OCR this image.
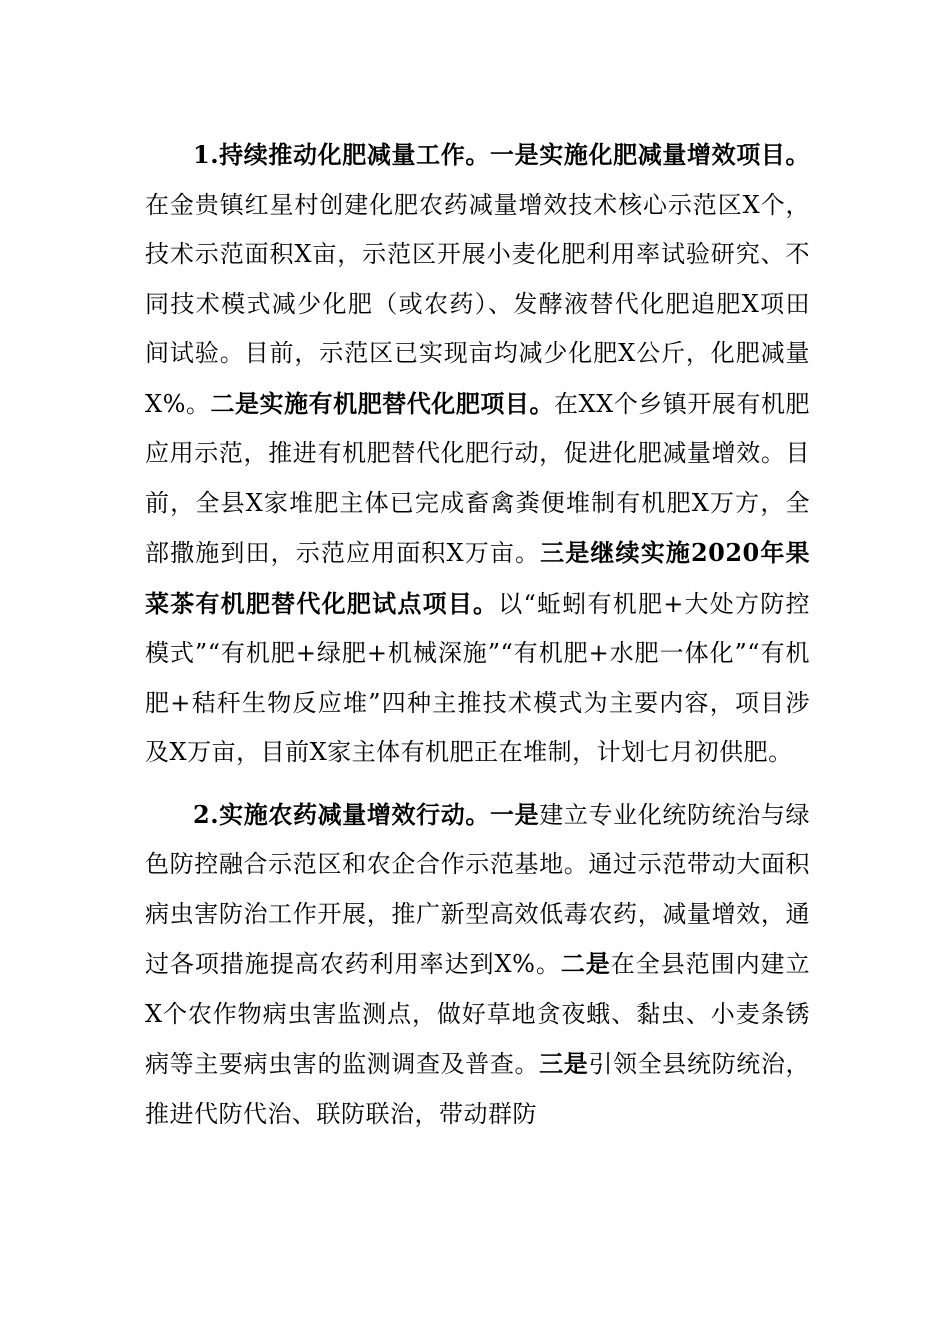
1.持续推动化肥减量工作。一是实施化肥减量增效项目。在金贵镇红星村创建化肥农药减量增效技术核心示范区X个，技术示范面积X亩，示范区开展小麦化肥利用率试验研究、不同技术模式减少化肥（或农药）、发酵液替代化肥追肥X项田间试验。目前，示范区已实现亩均减少化肥X公斤，化肥减量X%。二是实施有机肥替代化肥项目。在XX个乡镇开展有机肥应用示范，推进有机肥替代化肥行动，促进化肥减量增效。目前，全县X家堆肥主体已完成畜禽粪便堆制有机肥X万方，全部撒施到田，示范应用面积X万亩。三是继续实施2020年果菜茶有机肥替代化肥试点项目。以“蚯蚓有机肥+大处方防控模式”“有机肥+绿肥+机械深施”“有机肥+水肥一体化”“有机肥+秸秆生物反应堆”四种主推技术模式为主要内容，项目涉及X万亩，目前X家主体有机肥正在堆制，计划七月初供肥。

2.实施农药减量增效行动。一是建立专业化统防统治与绿色防控融合示范区和农企合作示范基地。通过示范带动大面积病虫害防治工作开展，推广新型高效低毒农药，减量增效，通过各项措施提高农药利用率达到X%。二是在全县范围内建立X个农作物病虫害监测点，做好草地贪夜蛾、黏虫、小麦条锈病等主要病虫害的监测调查及普查。三是引领全县统防统治，推进代防代治、联防联治，带动群防
